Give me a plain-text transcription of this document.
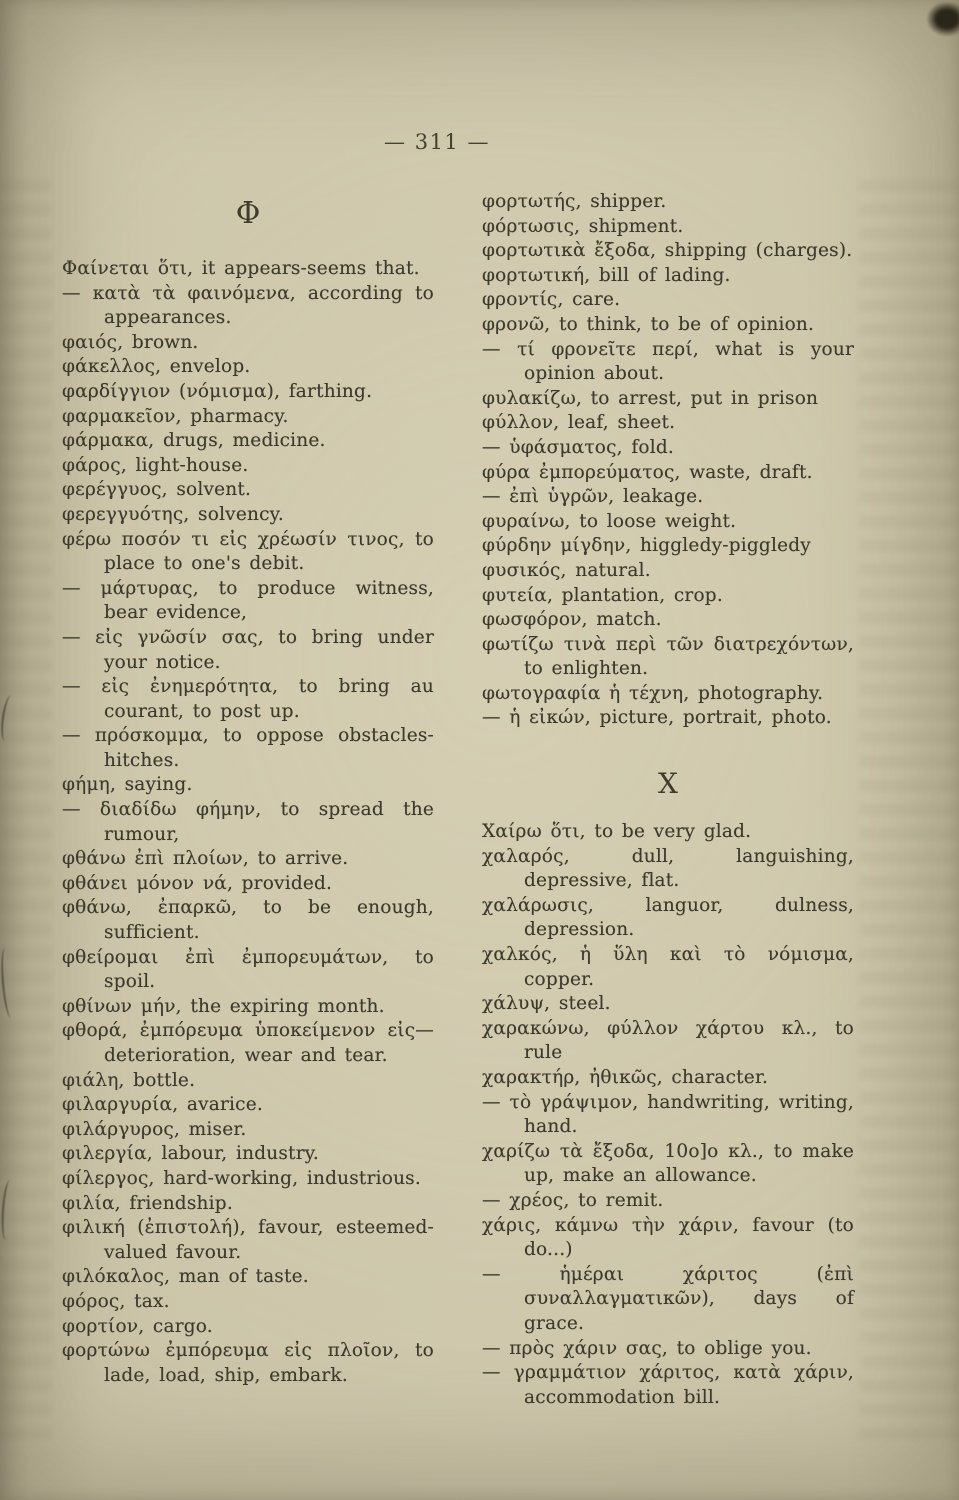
— 311 —
Φ
Φαίνεται ὅτι, it appears-seems that.
— κατὰ τὰ φαινόμενα, according to appearances.
φαιός, brown.
φάκελλος, envelop.
φαρδίγγιον (νόμισμα), farthing.
φαρμακεῖον, pharmacy.
φάρμακα, drugs, medicine.
φάρος, light-house.
φερέγγυος, solvent.
φερεγγυότης, solvency.
φέρω ποσόν τι εἰς χρέωσίν τινος, to place to one's debit.
— μάρτυρας, to produce witness, bear evidence,
— εἰς γνῶσίν σας, to bring under your notice.
— εἰς ἐνημερότητα, to bring au courant, to post up.
— πρόσκομμα, to oppose obstacles-hitches.
φήμη, saying.
— διαδίδω φήμην, to spread the rumour,
φθάνω ἐπὶ πλοίων, to arrive.
φθάνει μόνον νά, provided.
φθάνω, ἐπαρκῶ, to be enough, sufficient.
φθείρομαι ἐπὶ ἐμπορευμάτων, to spoil.
φθίνων μήν, the expiring month.
φθορά, ἐμπόρευμα ὑποκείμενον εἰς— deterioration, wear and tear.
φιάλη, bottle.
φιλαργυρία, avarice.
φιλάργυρος, miser.
φιλεργία, labour, industry.
φίλεργος, hard-working, industrious.
φιλία, friendship.
φιλική (ἐπιστολή), favour, esteemed-valued favour.
φιλόκαλος, man of taste.
φόρος, tax.
φορτίον, cargo.
φορτώνω ἐμπόρευμα εἰς πλοῖον, to lade, load, ship, embark.
φορτωτής, shipper.
φόρτωσις, shipment.
φορτωτικὰ ἔξοδα, shipping (charges).
φορτωτική, bill of lading.
φροντίς, care.
φρονῶ, to think, to be of opinion.
— τί φρονεῖτε περί, what is your opinion about.
φυλακίζω, to arrest, put in prison
φύλλον, leaf, sheet.
— ὑφάσματος, fold.
φύρα ἐμπορεύματος, waste, draft.
— ἐπὶ ὑγρῶν, leakage.
φυραίνω, to loose weight.
φύρδην μίγδην, higgledy-piggledy
φυσικός, natural.
φυτεία, plantation, crop.
φωσφόρον, match.
φωτίζω τινὰ περὶ τῶν διατρεχόντων, to enlighten.
φωτογραφία ἡ τέχνη, photography.
— ἡ εἰκών, picture, portrait, photo.
X
Χαίρω ὅτι, to be very glad.
χαλαρός, dull, languishing, depressive, flat.
χαλάρωσις, languor, dulness, depression.
χαλκός, ἡ ὕλη καὶ τὸ νόμισμα, copper.
χάλυψ, steel.
χαρακώνω, φύλλον χάρτου κλ., to rule
χαρακτήρ, ἠθικῶς, character.
— τὸ γράψιμον, handwriting, writing, hand.
χαρίζω τὰ ἔξοδα, 10ο]ο κλ., to make up, make an allowance.
— χρέος, to remit.
χάρις, κάμνω τὴν χάριν, favour (to do...)
— ἡμέραι χάριτος (ἐπὶ συναλλαγματικῶν), days of grace.
— πρὸς χάριν σας, to oblige you.
— γραμμάτιον χάριτος, κατὰ χάριν, accommodation bill.
